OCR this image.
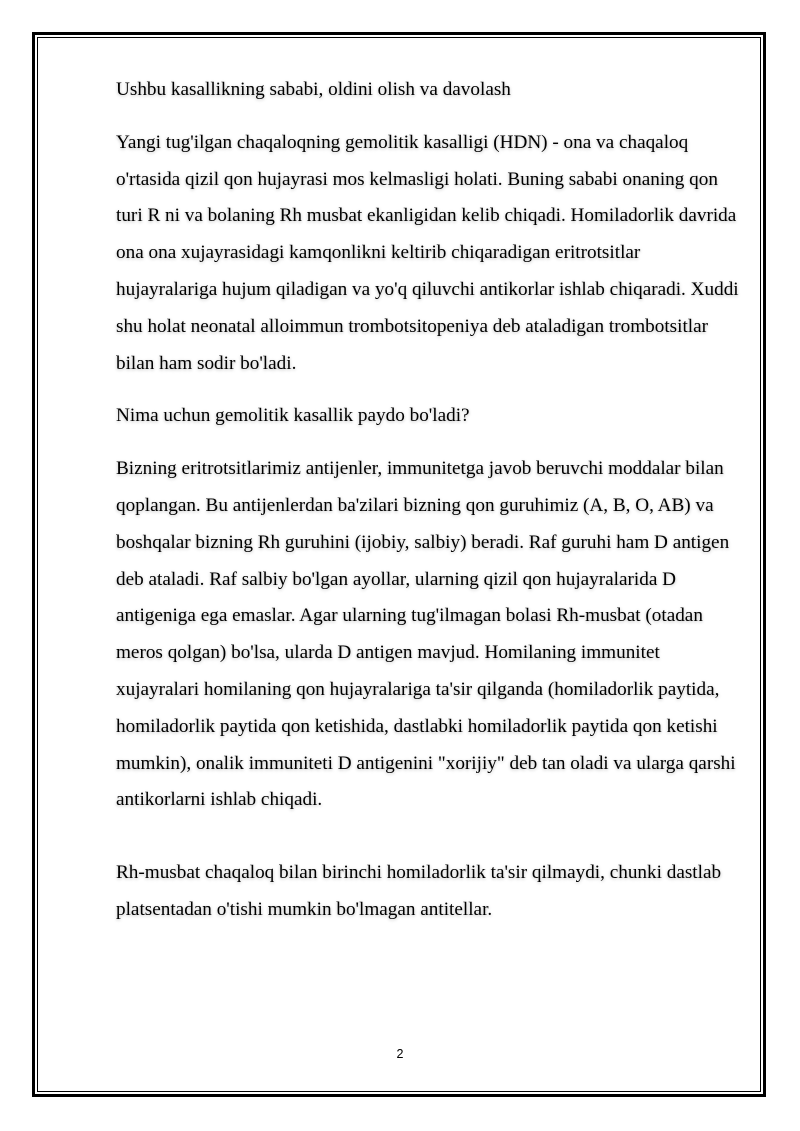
Ushbu kasallikning sababi, oldini olish va davolash

Yangi tug'ilgan chaqaloqning gemolitik kasalligi (HDN) - ona va chaqaloq o'rtasida qizil qon hujayrasi mos kelmasligi holati. Buning sababi onaning qon turi R ni va bolaning Rh musbat ekanligidan kelib chiqadi. Homiladorlik davrida ona ona xujayrasidagi kamqonlikni keltirib chiqaradigan eritrotsitlar hujayralariga hujum qiladigan va yo'q qiluvchi antikorlar ishlab chiqaradi. Xuddi shu holat neonatal alloimmun trombotsitopeniya deb ataladigan trombotsitlar bilan ham sodir bo'ladi.

Nima uchun gemolitik kasallik paydo bo'ladi?

Bizning eritrotsitlarimiz antijenler, immunitetga javob beruvchi moddalar bilan qoplangan. Bu antijenlerdan ba'zilari bizning qon guruhimiz (A, B, O, AB) va boshqalar bizning Rh guruhini (ijobiy, salbiy) beradi. Raf guruhi ham D antigen deb ataladi. Raf salbiy bo'lgan ayollar, ularning qizil qon hujayralarida D antigeniga ega emaslar. Agar ularning tug'ilmagan bolasi Rh-musbat (otadan meros qolgan) bo'lsa, ularda D antigen mavjud. Homilaning immunitet xujayralari homilaning qon hujayralariga ta'sir qilganda (homiladorlik paytida, homiladorlik paytida qon ketishida, dastlabki homiladorlik paytida qon ketishi mumkin), onalik immuniteti D antigenini "xorijiy" deb tan oladi va ularga qarshi antikorlarni ishlab chiqadi.

Rh-musbat chaqaloq bilan birinchi homiladorlik ta'sir qilmaydi, chunki dastlab platsentadan o'tishi mumkin bo'lmagan antitellar.

2
